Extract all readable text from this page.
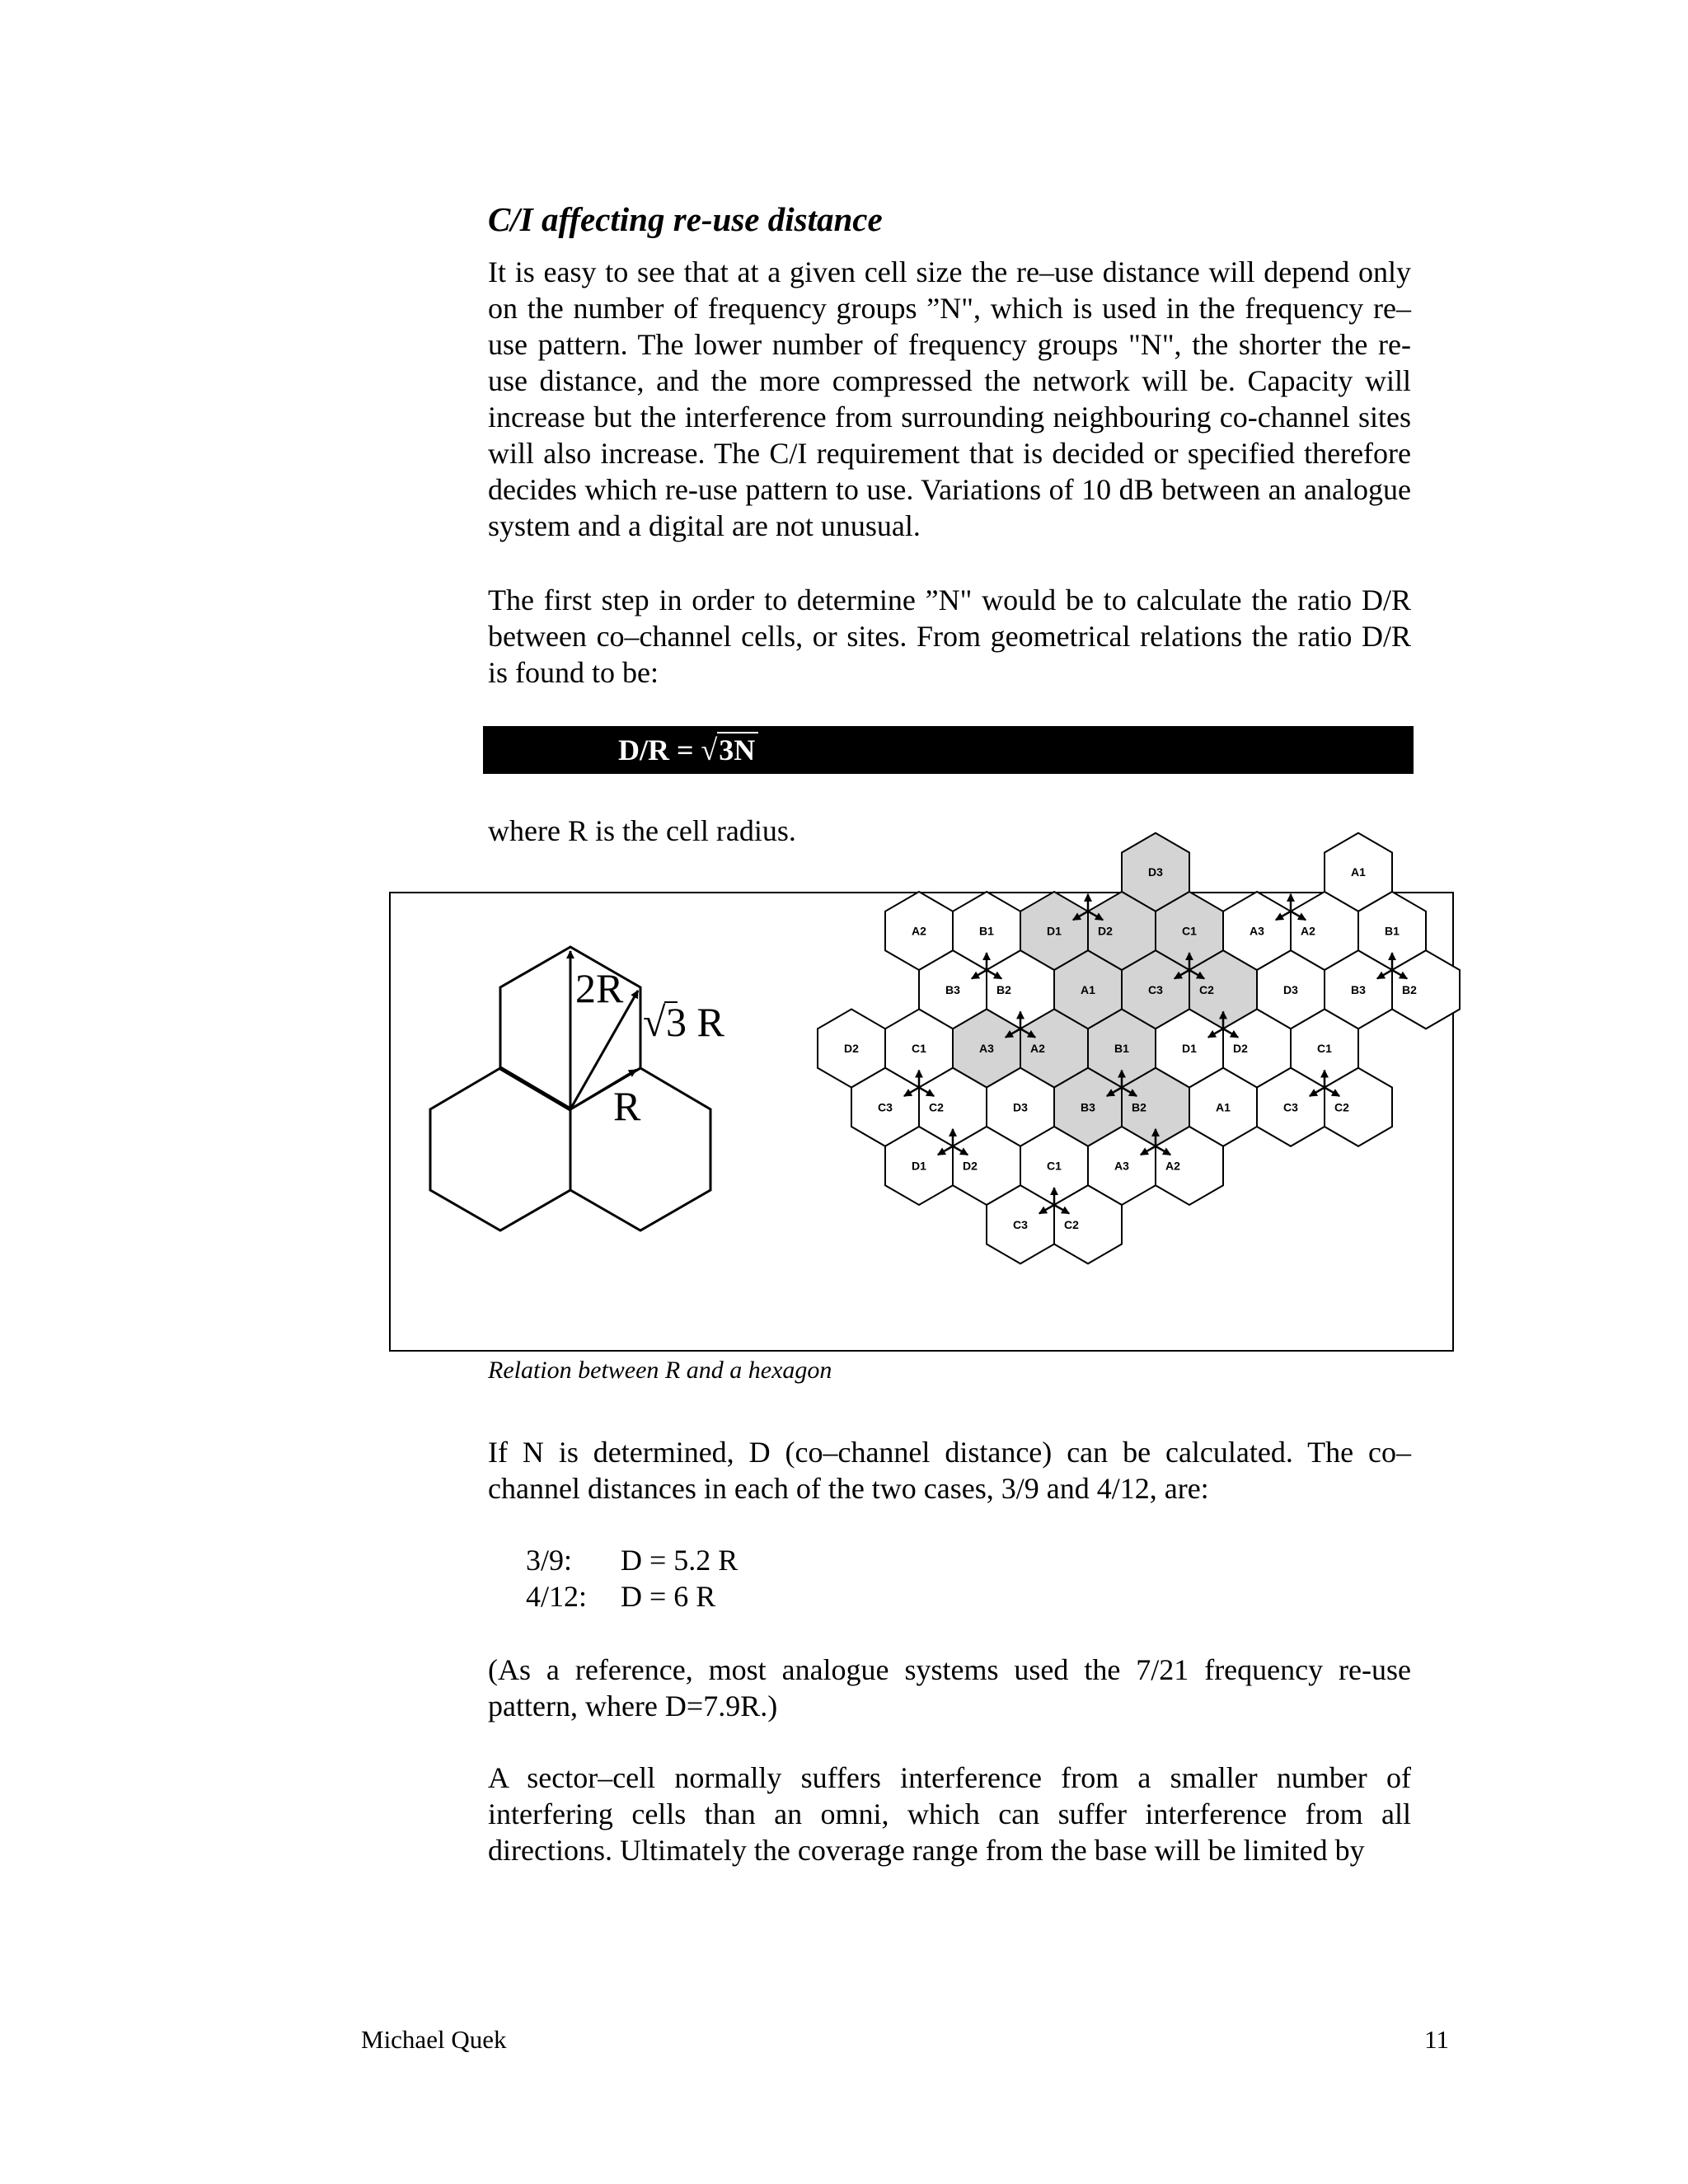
C/I affecting re-use distance

It is easy to see that at a given cell size the re–use distance will depend only on the number of frequency groups ”N", which is used in the frequency re–use pattern. The lower number of frequency groups "N", the shorter the re-use distance, and the more compressed the network will be. Capacity will increase but the interference from surrounding neighbouring co-channel sites will also increase. The C/I requirement that is decided or specified therefore decides which re-use pattern to use. Variations of 10 dB between an analogue system and a digital are not unusual.

The first step in order to determine ”N" would be to calculate the ratio D/R between co–channel cells, or sites. From geometrical relations the ratio D/R is found to be:

D/R = √3N

where R is the cell radius.

2R
√ 3 R
R
D3	A1
A2	B1	D1	D2	C1	A3	A2	B1
B3	B2	A1	C3	C2	D3	B3	B2
D2	C1	A3	A2	B1	D1	D2	C1
C3	C2	D3	B3	B2	A1	C3	C2
D1	D2	C1	A3	A2
C3	C2

Relation between R and a hexagon

If N is determined, D (co–channel distance) can be calculated. The co–channel distances in each of the two cases, 3/9 and 4/12, are:

3/9:	D = 5.2 R
4/12:	D = 6 R

(As a reference, most analogue systems used the 7/21 frequency re-use pattern, where D=7.9R.)

A sector–cell normally suffers interference from a smaller number of interfering cells than an omni, which can suffer interference from all directions. Ultimately the coverage range from the base will be limited by

Michael Quek	11
